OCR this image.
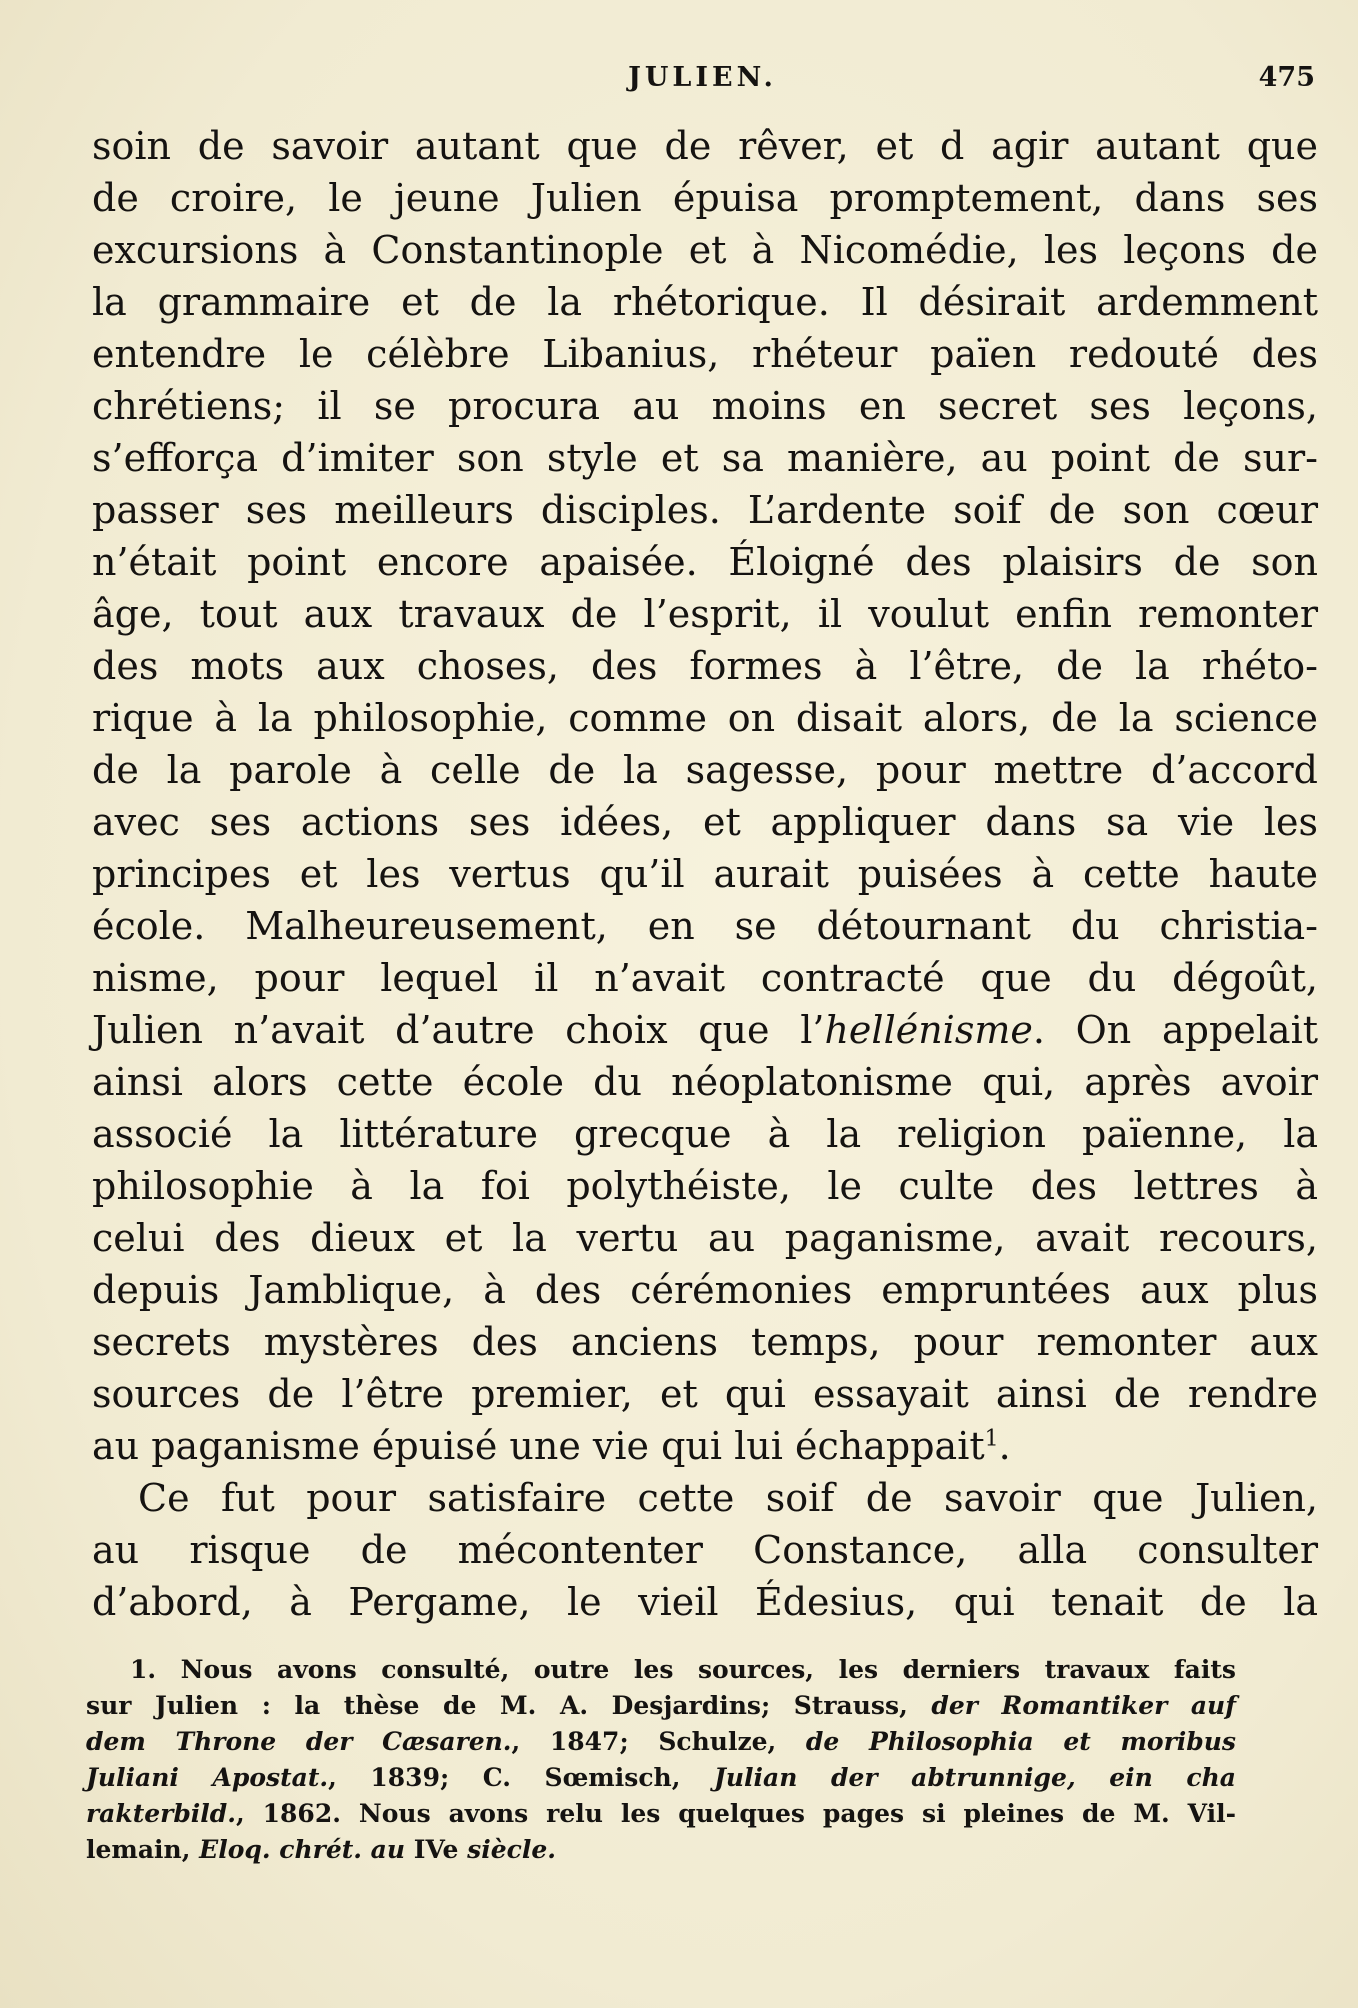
JULIEN.	475
soin de savoir autant que de rêver, et d agir autant que
de croire, le jeune Julien épuisa promptement, dans ses
excursions à Constantinople et à Nicomédie, les leçons de
la grammaire et de la rhétorique. Il désirait ardemment
entendre le célèbre Libanius, rhéteur païen redouté des
chrétiens; il se procura au moins en secret ses leçons,
s’efforça d’imiter son style et sa manière, au point de sur-
passer ses meilleurs disciples. L’ardente soif de son cœur
n’était point encore apaisée. Éloigné des plaisirs de son
âge, tout aux travaux de l’esprit, il voulut enfin remonter
des mots aux choses, des formes à l’être, de la rhéto-
rique à la philosophie, comme on disait alors, de la science
de la parole à celle de la sagesse, pour mettre d’accord
avec ses actions ses idées, et appliquer dans sa vie les
principes et les vertus qu’il aurait puisées à cette haute
école. Malheureusement, en se détournant du christia-
nisme, pour lequel il n’avait contracté que du dégoût,
Julien n’avait d’autre choix que l’hellénisme. On appelait
ainsi alors cette école du néoplatonisme qui, après avoir
associé la littérature grecque à la religion païenne, la
philosophie à la foi polythéiste, le culte des lettres à
celui des dieux et la vertu au paganisme, avait recours,
depuis Jamblique, à des cérémonies empruntées aux plus
secrets mystères des anciens temps, pour remonter aux
sources de l’être premier, et qui essayait ainsi de rendre
au paganisme épuisé une vie qui lui échappait$^1$.
Ce fut pour satisfaire cette soif de savoir que Julien,
au risque de mécontenter Constance, alla consulter
d’abord, à Pergame, le vieil Édesius, qui tenait de la
1. Nous avons consulté, outre les sources, les derniers travaux faits
sur Julien : la thèse de M. A. Desjardins; Strauss, der Romantiker auf
dem Throne der Cæsaren., 1847; Schulze, de Philosophia et moribus
Juliani Apostat., 1839; C. Sœmisch, Julian der abtrunnige, ein cha
rakterbild., 1862. Nous avons relu les quelques pages si pleines de M. Vil-
lemain, Eloq. chrét. au IVe siècle.
